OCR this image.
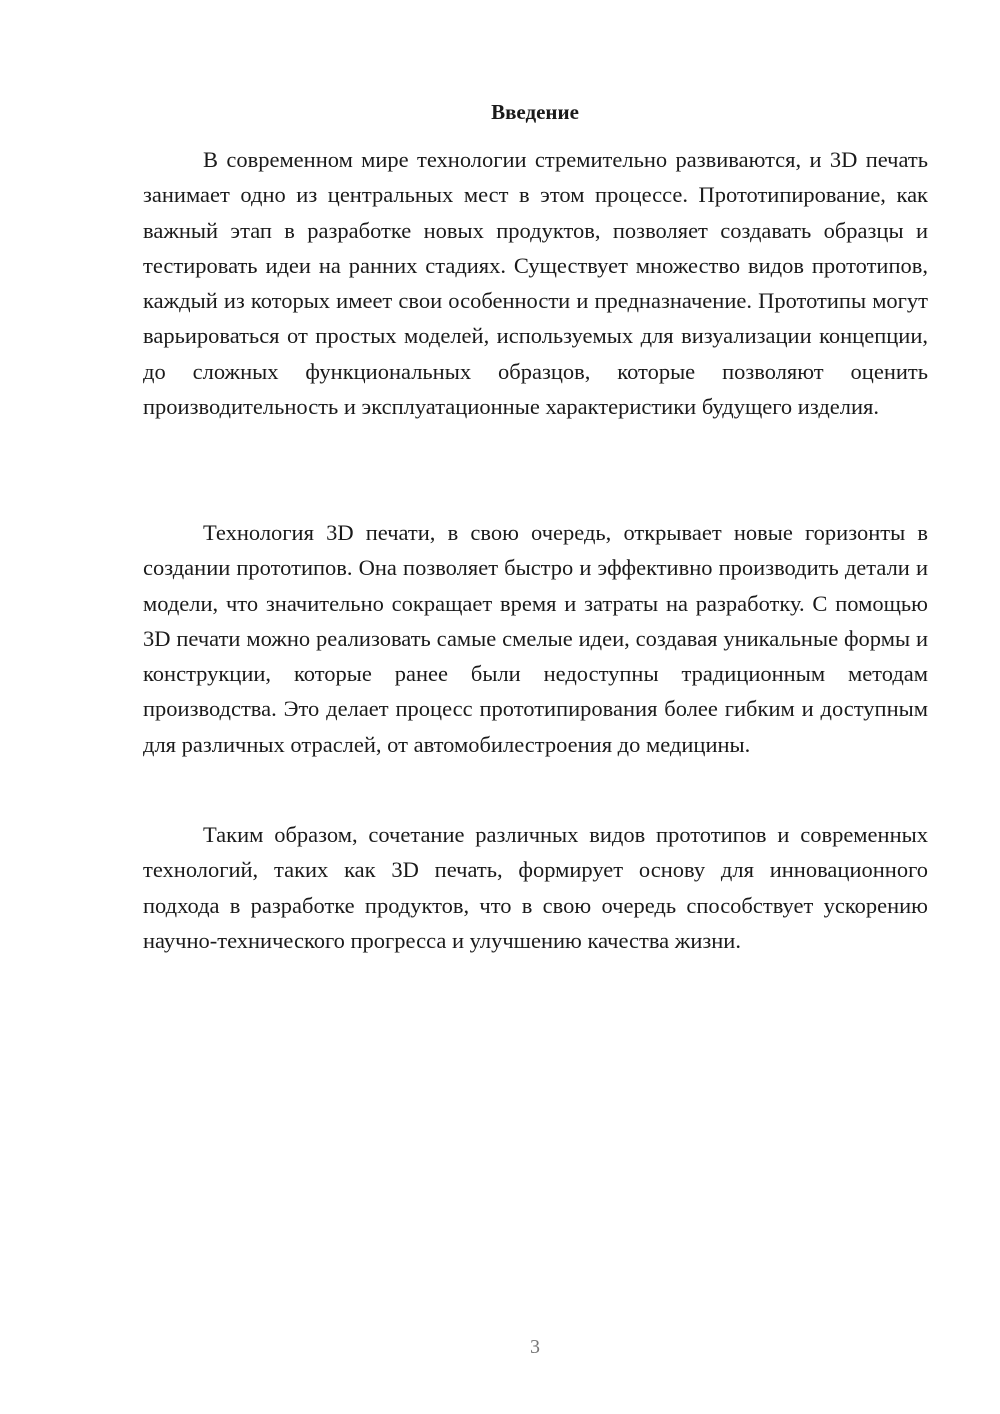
Введение

В современном мире технологии стремительно развиваются, и 3D печать занимает одно из центральных мест в этом процессе. Прототипирование, как важный этап в разработке новых продуктов, позволяет создавать образцы и тестировать идеи на ранних стадиях. Существует множество видов прототипов, каждый из которых имеет свои особенности и предназначение. Прототипы могут варьироваться от простых моделей, используемых для визуализации концепции, до сложных функциональных образцов, которые позволяют оценить производительность и эксплуатационные характеристики будущего изделия.

Технология 3D печати, в свою очередь, открывает новые горизонты в создании прототипов. Она позволяет быстро и эффективно производить детали и модели, что значительно сокращает время и затраты на разработку. С помощью 3D печати можно реализовать самые смелые идеи, создавая уникальные формы и конструкции, которые ранее были недоступны традиционным методам производства. Это делает процесс прототипирования более гибким и доступным для различных отраслей, от автомобилестроения до медицины.

Таким образом, сочетание различных видов прототипов и современных технологий, таких как 3D печать, формирует основу для инновационного подхода в разработке продуктов, что в свою очередь способствует ускорению научно-технического прогресса и улучшению качества жизни.

3
